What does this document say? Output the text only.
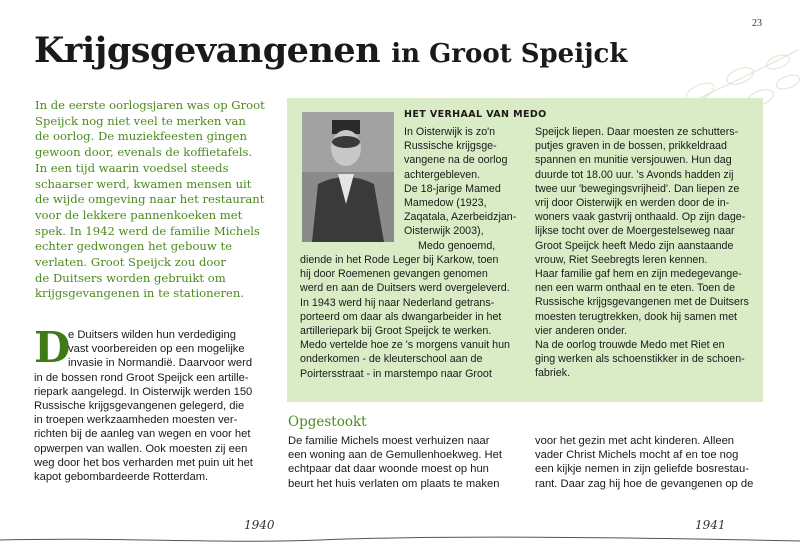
23
Krijgsgevangenen in Groot Speijck

In de eerste oorlogsjaren was op Groot
Speijck nog niet veel te merken van
de oorlog. De muziekfeesten gingen
gewoon door, evenals de koffietafels.
In een tijd waarin voedsel steeds
schaarser werd, kwamen mensen uit
de wijde omgeving naar het restaurant
voor de lekkere pannenkoeken met
spek. In 1942 werd de familie Michels
echter gedwongen het gebouw te
verlaten. Groot Speijck zou door
de Duitsers worden gebruikt om
krijgsgevangenen in te stationeren.

D
e Duitsers wilden hun verdediging
vast voorbereiden op een mogelijke
invasie in Normandië. Daarvoor werd
in de bossen rond Groot Speijck een artille-
riepark aangelegd. In Oisterwijk werden 150
Russische krijgsgevangenen gelegerd, die
in troepen werkzaamheden moesten ver-
richten bij de aanleg van wegen en voor het
opwerpen van wallen. Ook moesten zij een
weg door het bos verharden met puin uit het
kapot gebombardeerde Rotterdam.
HET VERHAAL VAN MEDO
In Oisterwijk is zo'n
Russische krijgsge-
vangene na de oorlog
achtergebleven.
De 18-jarige Mamed
Mamedow (1923,
Zaqatala, Azerbeidzjan-
Oisterwijk 2003),
Medo genoemd,
diende in het Rode Leger bij Karkow, toen
hij door Roemenen gevangen genomen
werd en aan de Duitsers werd overgeleverd.
In 1943 werd hij naar Nederland getrans-
porteerd om daar als dwangarbeider in het
artilleriepark bij Groot Speijck te werken.
Medo vertelde hoe ze 's morgens vanuit hun
onderkomen - de kleuterschool aan de
Poirtersstraat - in marstempo naar Groot
Speijck liepen. Daar moesten ze schutters-
putjes graven in de bossen, prikkeldraad
spannen en munitie versjouwen. Hun dag
duurde tot 18.00 uur. 's Avonds hadden zij
twee uur 'bewegingsvrijheid'. Dan liepen ze
vrij door Oisterwijk en werden door de in-
woners vaak gastvrij onthaald. Op zijn dage-
lijkse tocht over de Moergestelseweg naar
Groot Speijck heeft Medo zijn aanstaande
vrouw, Riet Seebregts leren kennen.
Haar familie gaf hem en zijn medegevange-
nen een warm onthaal en te eten. Toen de
Russische krijgsgevangenen met de Duitsers
moesten terugtrekken, dook hij samen met
vier anderen onder.
Na de oorlog trouwde Medo met Riet en
ging werken als schoenstikker in de schoen-
fabriek.
Opgestookt
De familie Michels moest verhuizen naar
een woning aan de Gemullenhoekweg. Het
echtpaar dat daar woonde moest op hun
beurt het huis verlaten om plaats te maken
voor het gezin met acht kinderen. Alleen
vader Christ Michels mocht af en toe nog
een kijkje nemen in zijn geliefde bosrestau-
rant. Daar zag hij hoe de gevangenen op de
1940	1941
